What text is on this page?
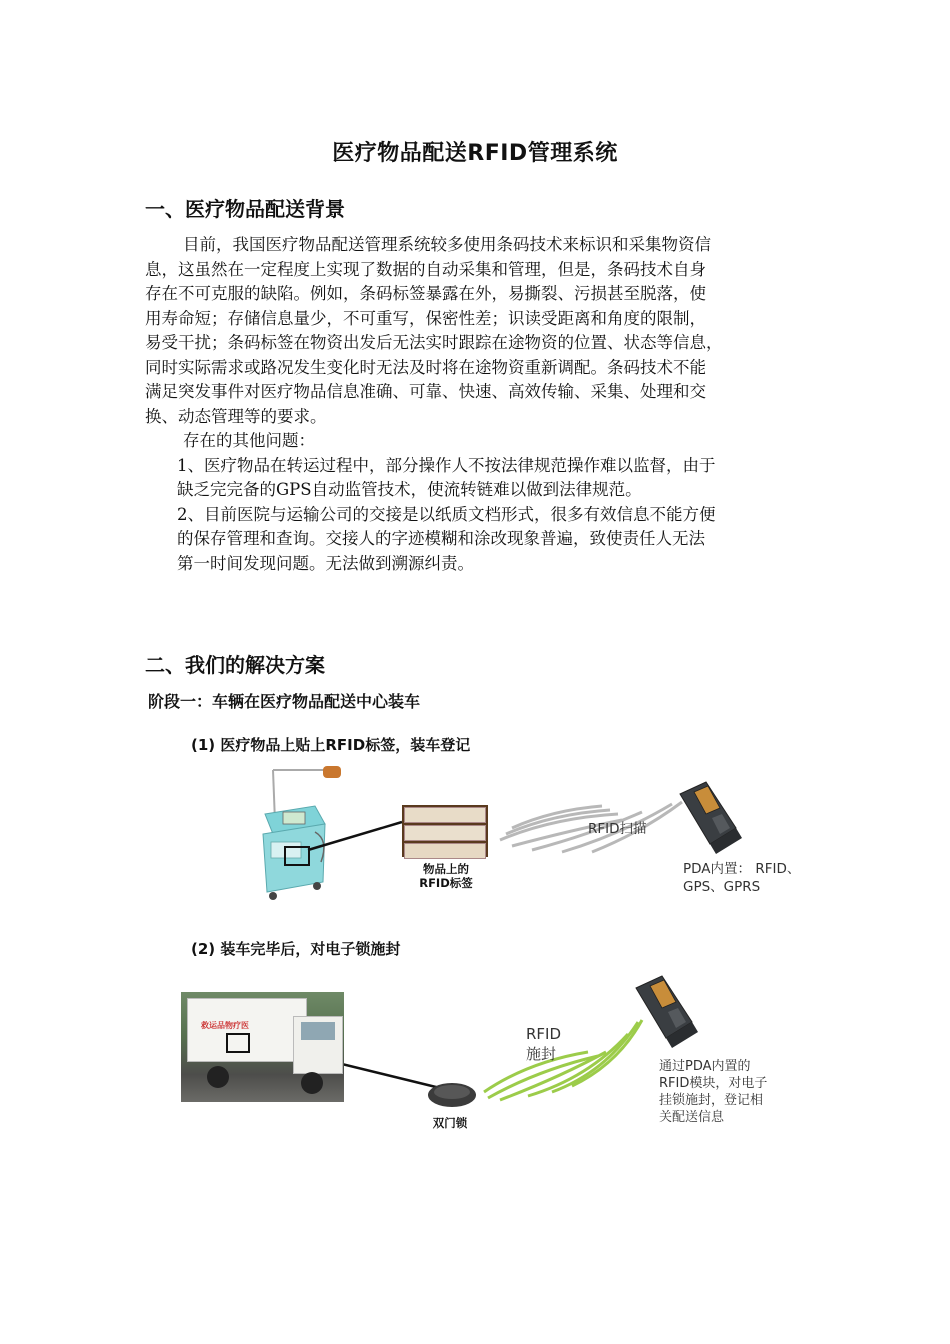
医疗物品配送RFID管理系统
一、医疗物品配送背景

目前，我国医疗物品配送管理系统较多使用条码技术来标识和采集物资信

息，这虽然在一定程度上实现了数据的自动采集和管理，但是，条码技术自身

存在不可克服的缺陷。例如，条码标签暴露在外，易撕裂、污损甚至脱落，使

用寿命短；存储信息量少，不可重写，保密性差；识读受距离和角度的限制，

易受干扰；条码标签在物资出发后无法实时跟踪在途物资的位置、状态等信息，

同时实际需求或路况发生变化时无法及时将在途物资重新调配。条码技术不能

满足突发事件对医疗物品信息准确、可靠、快速、高效传输、采集、处理和交

换、动态管理等的要求。

存在的其他问题：

1、医疗物品在转运过程中，部分操作人不按法律规范操作难以监督，由于

缺乏完完备的GPS自动监管技术，使流转链难以做到法律规范。

2、目前医院与运输公司的交接是以纸质文档形式，很多有效信息不能方便

的保存管理和查询。交接人的字迹模糊和涂改现象普遍，致使责任人无法

第一时间发现问题。无法做到溯源纠责。

二、我们的解决方案
阶段一：车辆在医疗物品配送中心装车
(1) 医疗物品上贴上RFID标签，装车登记
物品上的
RFID标签
RFID扫描
PDA内置： RFID、
GPS、GPRS
(2) 装车完毕后，对电子锁施封
救运品物疗医
双门锁
RFID
施封
通过PDA内置的
RFID模块，对电子
挂锁施封，登记相
关配送信息
